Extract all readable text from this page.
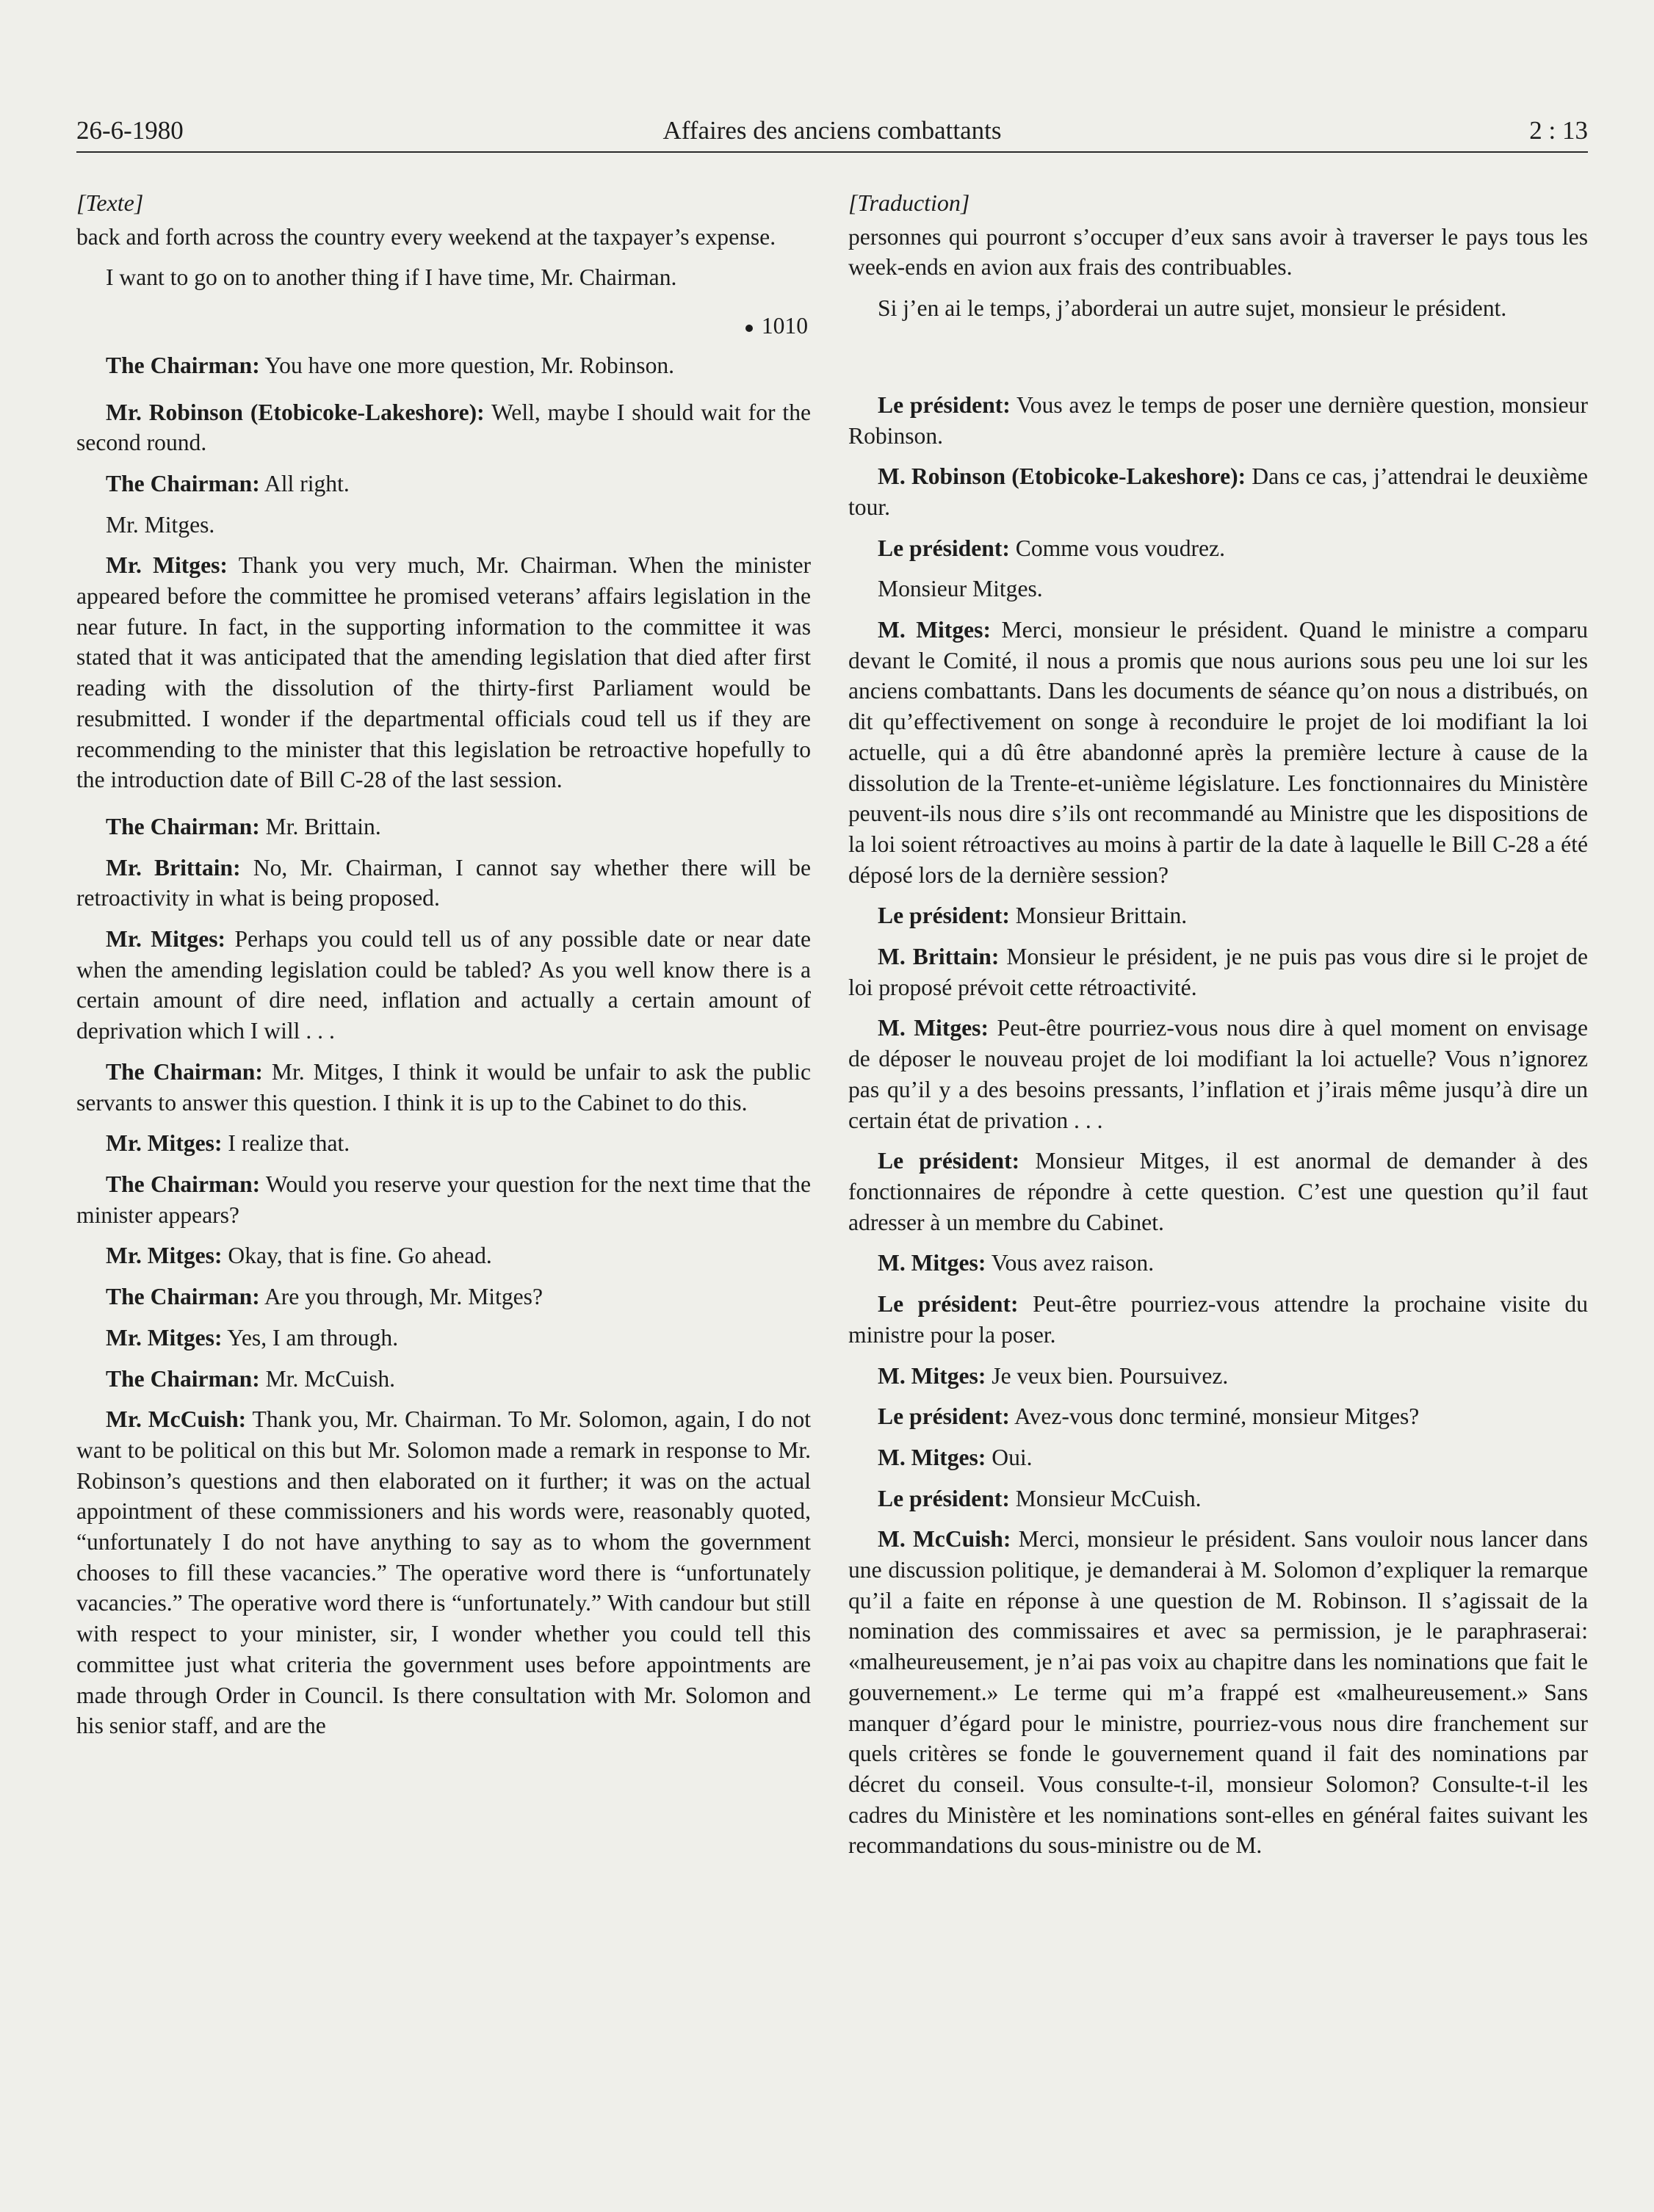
26-6-1980	Affaires des anciens combattants	2 : 13
[Texte]

back and forth across the country every weekend at the taxpayer’s expense.

I want to go on to another thing if I have time, Mr. Chairman.

1010

The Chairman: You have one more question, Mr. Robinson.

Mr. Robinson (Etobicoke-Lakeshore): Well, maybe I should wait for the second round.

The Chairman: All right.

Mr. Mitges.

Mr. Mitges: Thank you very much, Mr. Chairman. When the minister appeared before the committee he promised veterans’ affairs legislation in the near future. In fact, in the supporting information to the committee it was stated that it was anticipated that the amending legislation that died after first reading with the dissolution of the thirty-first Parliament would be resubmitted. I wonder if the departmental officials coud tell us if they are recommending to the minister that this legislation be retroactive hopefully to the introduction date of Bill C-28 of the last session.

The Chairman: Mr. Brittain.

Mr. Brittain: No, Mr. Chairman, I cannot say whether there will be retroactivity in what is being proposed.

Mr. Mitges: Perhaps you could tell us of any possible date or near date when the amending legislation could be tabled? As you well know there is a certain amount of dire need, inflation and actually a certain amount of deprivation which I will . . .

The Chairman: Mr. Mitges, I think it would be unfair to ask the public servants to answer this question. I think it is up to the Cabinet to do this.

Mr. Mitges: I realize that.

The Chairman: Would you reserve your question for the next time that the minister appears?

Mr. Mitges: Okay, that is fine. Go ahead.

The Chairman: Are you through, Mr. Mitges?

Mr. Mitges: Yes, I am through.

The Chairman: Mr. McCuish.

Mr. McCuish: Thank you, Mr. Chairman. To Mr. Solomon, again, I do not want to be political on this but Mr. Solomon made a remark in response to Mr. Robinson’s questions and then elaborated on it further; it was on the actual appointment of these commissioners and his words were, reasonably quoted, “unfortunately I do not have anything to say as to whom the government chooses to fill these vacancies.” The operative word there is “unfortunately vacancies.” The operative word there is “unfortunately.” With candour but still with respect to your minister, sir, I wonder whether you could tell this committee just what criteria the government uses before appointments are made through Order in Council. Is there consultation with Mr. Solomon and his senior staff, and are the

[Traduction]

personnes qui pourront s’occuper d’eux sans avoir à traverser le pays tous les week-ends en avion aux frais des contribuables.

Si j’en ai le temps, j’aborderai un autre sujet, monsieur le président.

Le président: Vous avez le temps de poser une dernière question, monsieur Robinson.

M. Robinson (Etobicoke-Lakeshore): Dans ce cas, j’attendrai le deuxième tour.

Le président: Comme vous voudrez.

Monsieur Mitges.

M. Mitges: Merci, monsieur le président. Quand le ministre a comparu devant le Comité, il nous a promis que nous aurions sous peu une loi sur les anciens combattants. Dans les documents de séance qu’on nous a distribués, on dit qu’effectivement on songe à reconduire le projet de loi modifiant la loi actuelle, qui a dû être abandonné après la première lecture à cause de la dissolution de la Trente-et-unième législature. Les fonctionnaires du Ministère peuvent-ils nous dire s’ils ont recommandé au Ministre que les dispositions de la loi soient rétroactives au moins à partir de la date à laquelle le Bill C-28 a été déposé lors de la dernière session?

Le président: Monsieur Brittain.

M. Brittain: Monsieur le président, je ne puis pas vous dire si le projet de loi proposé prévoit cette rétroactivité.

M. Mitges: Peut-être pourriez-vous nous dire à quel moment on envisage de déposer le nouveau projet de loi modifiant la loi actuelle? Vous n’ignorez pas qu’il y a des besoins pressants, l’inflation et j’irais même jusqu’à dire un certain état de privation . . .

Le président: Monsieur Mitges, il est anormal de demander à des fonctionnaires de répondre à cette question. C’est une question qu’il faut adresser à un membre du Cabinet.

M. Mitges: Vous avez raison.

Le président: Peut-être pourriez-vous attendre la prochaine visite du ministre pour la poser.

M. Mitges: Je veux bien. Poursuivez.

Le président: Avez-vous donc terminé, monsieur Mitges?

M. Mitges: Oui.

Le président: Monsieur McCuish.

M. McCuish: Merci, monsieur le président. Sans vouloir nous lancer dans une discussion politique, je demanderai à M. Solomon d’expliquer la remarque qu’il a faite en réponse à une question de M. Robinson. Il s’agissait de la nomination des commissaires et avec sa permission, je le paraphraserai: «malheureusement, je n’ai pas voix au chapitre dans les nominations que fait le gouvernement.» Le terme qui m’a frappé est «malheureusement.» Sans manquer d’égard pour le ministre, pourriez-vous nous dire franchement sur quels critères se fonde le gouvernement quand il fait des nominations par décret du conseil. Vous consulte-t-il, monsieur Solomon? Consulte-t-il les cadres du Ministère et les nominations sont-elles en général faites suivant les recommandations du sous-ministre ou de M.
